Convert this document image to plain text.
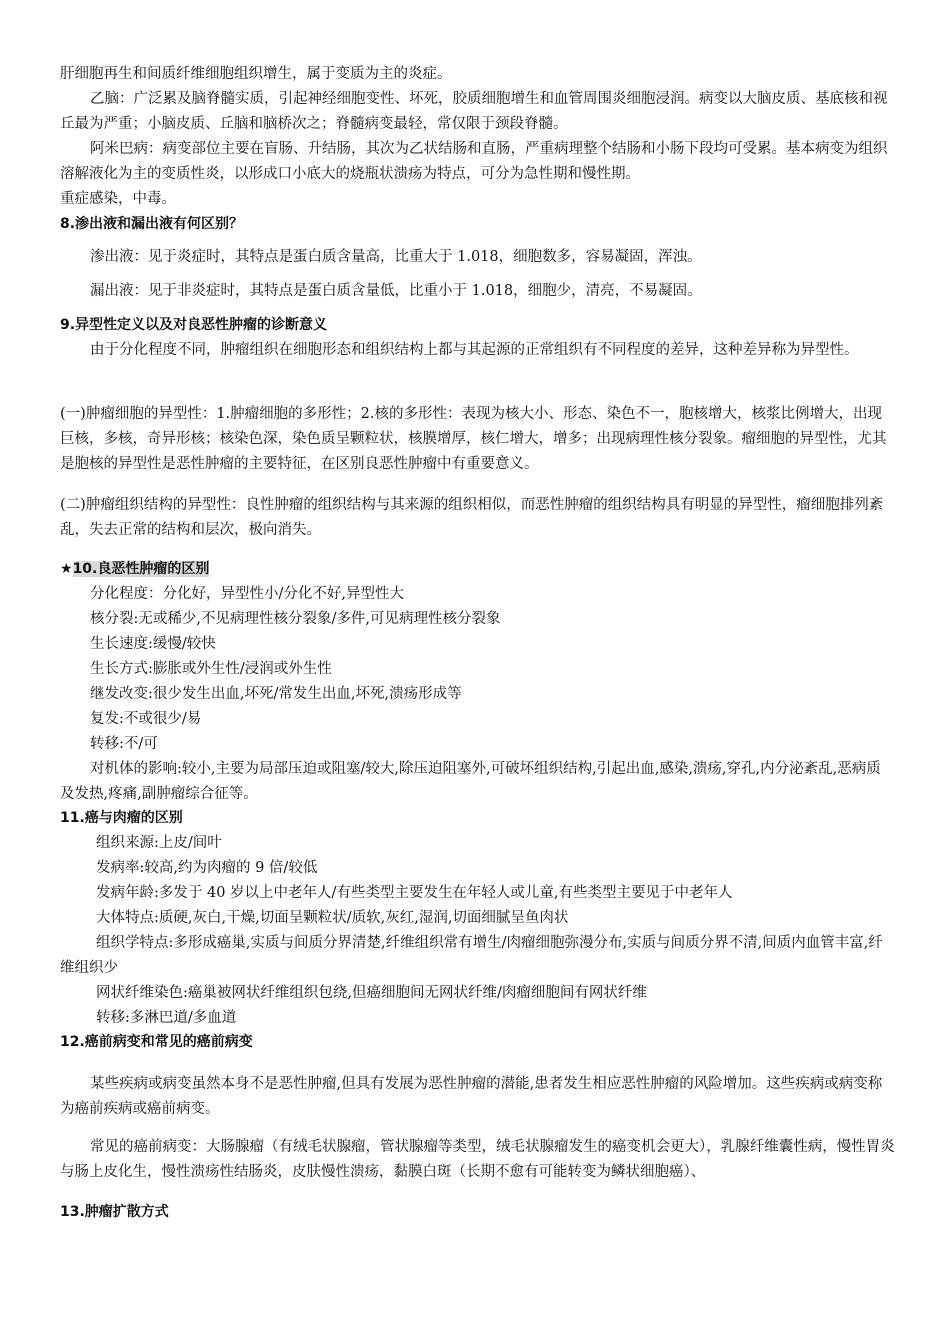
肝细胞再生和间质纤维细胞组织增生，属于变质为主的炎症。

乙脑：广泛累及脑脊髓实质，引起神经细胞变性、坏死，胶质细胞增生和血管周围炎细胞浸润。病变以大脑皮质、基底核和视丘最为严重；小脑皮质、丘脑和脑桥次之；脊髓病变最轻，常仅限于颈段脊髓。

阿米巴病：病变部位主要在盲肠、升结肠，其次为乙状结肠和直肠，严重病理整个结肠和小肠下段均可受累。基本病变为组织溶解液化为主的变质性炎，以形成口小底大的烧瓶状溃疡为特点，可分为急性期和慢性期。

重症感染，中毒。

8.渗出液和漏出液有何区别？

渗出液：见于炎症时，其特点是蛋白质含量高，比重大于 1.018，细胞数多，容易凝固，浑浊。

漏出液：见于非炎症时，其特点是蛋白质含量低，比重小于 1.018，细胞少，清亮，不易凝固。

9.异型性定义以及对良恶性肿瘤的诊断意义

由于分化程度不同，肿瘤组织在细胞形态和组织结构上都与其起源的正常组织有不同程度的差异，这种差异称为异型性。

(一)肿瘤细胞的异型性：1.肿瘤细胞的多形性；2.核的多形性：表现为核大小、形态、染色不一，胞核增大，核浆比例增大，出现巨核，多核，奇异形核；核染色深，染色质呈颗粒状，核膜增厚，核仁增大，增多；出现病理性核分裂象。瘤细胞的异型性，尤其是胞核的异型性是恶性肿瘤的主要特征，在区别良恶性肿瘤中有重要意义。

(二)肿瘤组织结构的异型性：良性肿瘤的组织结构与其来源的组织相似，而恶性肿瘤的组织结构具有明显的异型性，瘤细胞排列紊乱，失去正常的结构和层次，极向消失。

★10.良恶性肿瘤的区别

分化程度：分化好，异型性小/分化不好,异型性大
核分裂:无或稀少,不见病理性核分裂象/多件,可见病理性核分裂象
生长速度:缓慢/较快
生长方式:膨胀或外生性/浸润或外生性
继发改变:很少发生出血,坏死/常发生出血,坏死,溃疡形成等
复发:不或很少/易
转移:不/可
对机体的影响:较小,主要为局部压迫或阻塞/较大,除压迫阻塞外,可破坏组织结构,引起出血,感染,溃疡,穿孔,内分泌紊乱,恶病质及发热,疼痛,副肿瘤综合征等。

11.癌与肉瘤的区别

组织来源:上皮/间叶
发病率:较高,约为肉瘤的 9 倍/较低
发病年龄:多发于 40 岁以上中老年人/有些类型主要发生在年轻人或儿童,有些类型主要见于中老年人
大体特点:质硬,灰白,干燥,切面呈颗粒状/质软,灰红,湿润,切面细腻呈鱼肉状
组织学特点:多形成癌巢,实质与间质分界清楚,纤维组织常有增生/肉瘤细胞弥漫分布,实质与间质分界不清,间质内血管丰富,纤维组织少
网状纤维染色:癌巢被网状纤维组织包绕,但癌细胞间无网状纤维/肉瘤细胞间有网状纤维
转移:多淋巴道/多血道

12.癌前病变和常见的癌前病变

某些疾病或病变虽然本身不是恶性肿瘤,但具有发展为恶性肿瘤的潜能,患者发生相应恶性肿瘤的风险增加。这些疾病或病变称为癌前疾病或癌前病变。

常见的癌前病变：大肠腺瘤（有绒毛状腺瘤，管状腺瘤等类型，绒毛状腺瘤发生的癌变机会更大），乳腺纤维囊性病，慢性胃炎与肠上皮化生，慢性溃疡性结肠炎，皮肤慢性溃疡，黏膜白斑（长期不愈有可能转变为鳞状细胞癌）、

13.肿瘤扩散方式
